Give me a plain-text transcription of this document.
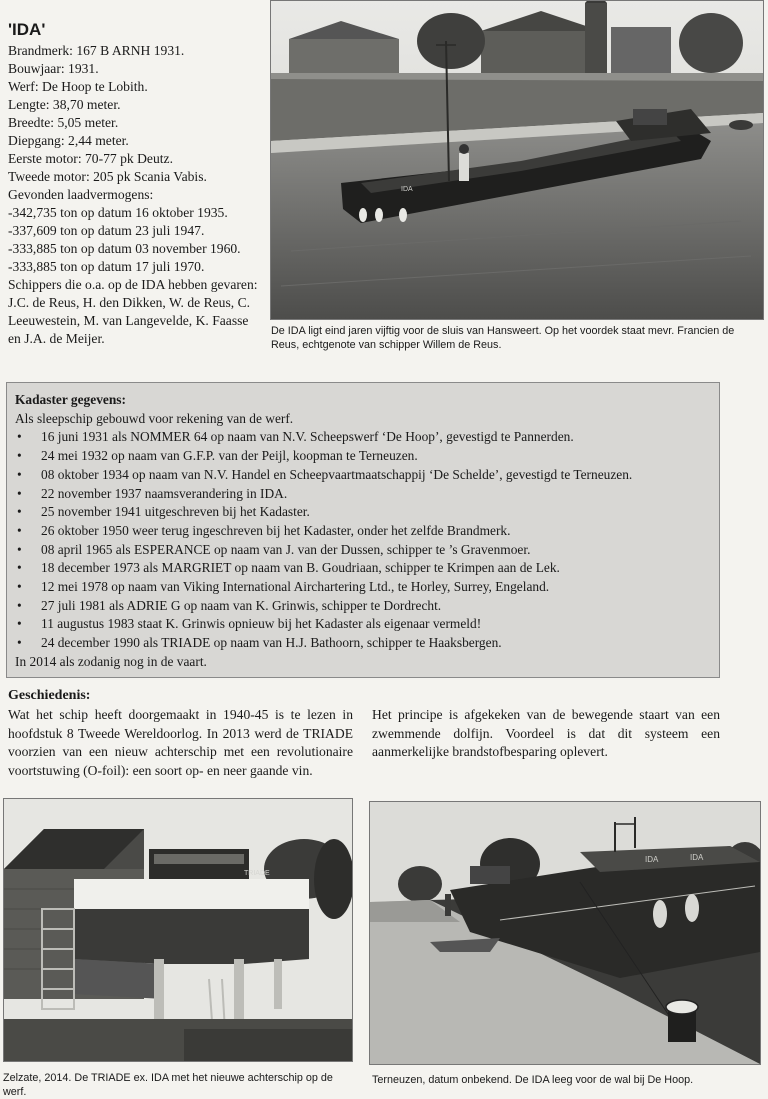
'IDA'
Brandmerk: 167 B ARNH 1931.
Bouwjaar: 1931.
Werf: De Hoop te Lobith.
Lengte: 38,70 meter.
Breedte: 5,05 meter.
Diepgang: 2,44 meter.
Eerste motor: 70-77 pk Deutz.
Tweede motor: 205 pk Scania Vabis.
Gevonden laadvermogens:
-342,735 ton op datum 16 oktober 1935.
-337,609 ton op datum 23 juli 1947.
-333,885 ton op datum 03 november 1960.
-333,885 ton op datum 17 juli 1970.
Schippers die o.a. op de IDA hebben gevaren: J.C. de Reus, H. den Dikken, W. de Reus, C. Leeuwestein, M. van Langevelde, K. Faasse en J.A. de Meijer.
IDA
De IDA ligt eind jaren vijftig voor de sluis van Hansweert. Op het voordek staat mevr. Francien de Reus, echtgenote van schipper Willem de Reus.
Kadaster gegevens:
Als sleepschip gebouwd voor rekening van de werf.
• 16 juni 1931 als NOMMER 64 op naam van N.V. Scheepswerf ‘De Hoop’, gevestigd te Pannerden.
• 24 mei 1932 op naam van G.F.P. van der Peijl, koopman te Terneuzen.
• 08 oktober 1934 op naam van N.V. Handel en Scheepvaartmaatschappij ‘De Schelde’, gevestigd te Terneuzen.
• 22 november 1937 naamsverandering in IDA.
• 25 november 1941 uitgeschreven bij het Kadaster.
• 26 oktober 1950 weer terug ingeschreven bij het Kadaster, onder het zelfde Brandmerk.
• 08 april 1965 als ESPERANCE op naam van J. van der Dussen, schipper te ’s Gravenmoer.
• 18 december 1973 als MARGRIET op naam van B. Goudriaan, schipper te Krimpen aan de Lek.
• 12 mei 1978 op naam van Viking International Airchartering Ltd., te Horley, Surrey, Engeland.
• 27 juli 1981 als ADRIE G op naam van K. Grinwis, schipper te Dordrecht.
• 11 augustus 1983 staat K. Grinwis opnieuw bij het Kadaster als eigenaar vermeld!
• 24 december 1990 als TRIADE op naam van H.J. Bathoorn, schipper te Haaksbergen.
In 2014 als zodanig nog in de vaart.
Geschiedenis:
Wat het schip heeft doorgemaakt in 1940-45 is te lezen in hoofdstuk 8 Tweede Wereldoorlog. In 2013 werd de TRIADE voorzien van een nieuw achterschip met een revolutionaire voortstuwing (O-foil): een soort op- en neer gaande vin.
Het principe is afgekeken van de bewegende staart van een zwemmende dolfijn. Voordeel is dat dit systeem een aanmerkelijke brandstofbesparing oplevert.
TRIADE
Zelzate, 2014. De TRIADE ex. IDA met het nieuwe achterschip op de werf.
IDA	IDA
Terneuzen, datum onbekend. De IDA leeg voor de wal bij De Hoop.
